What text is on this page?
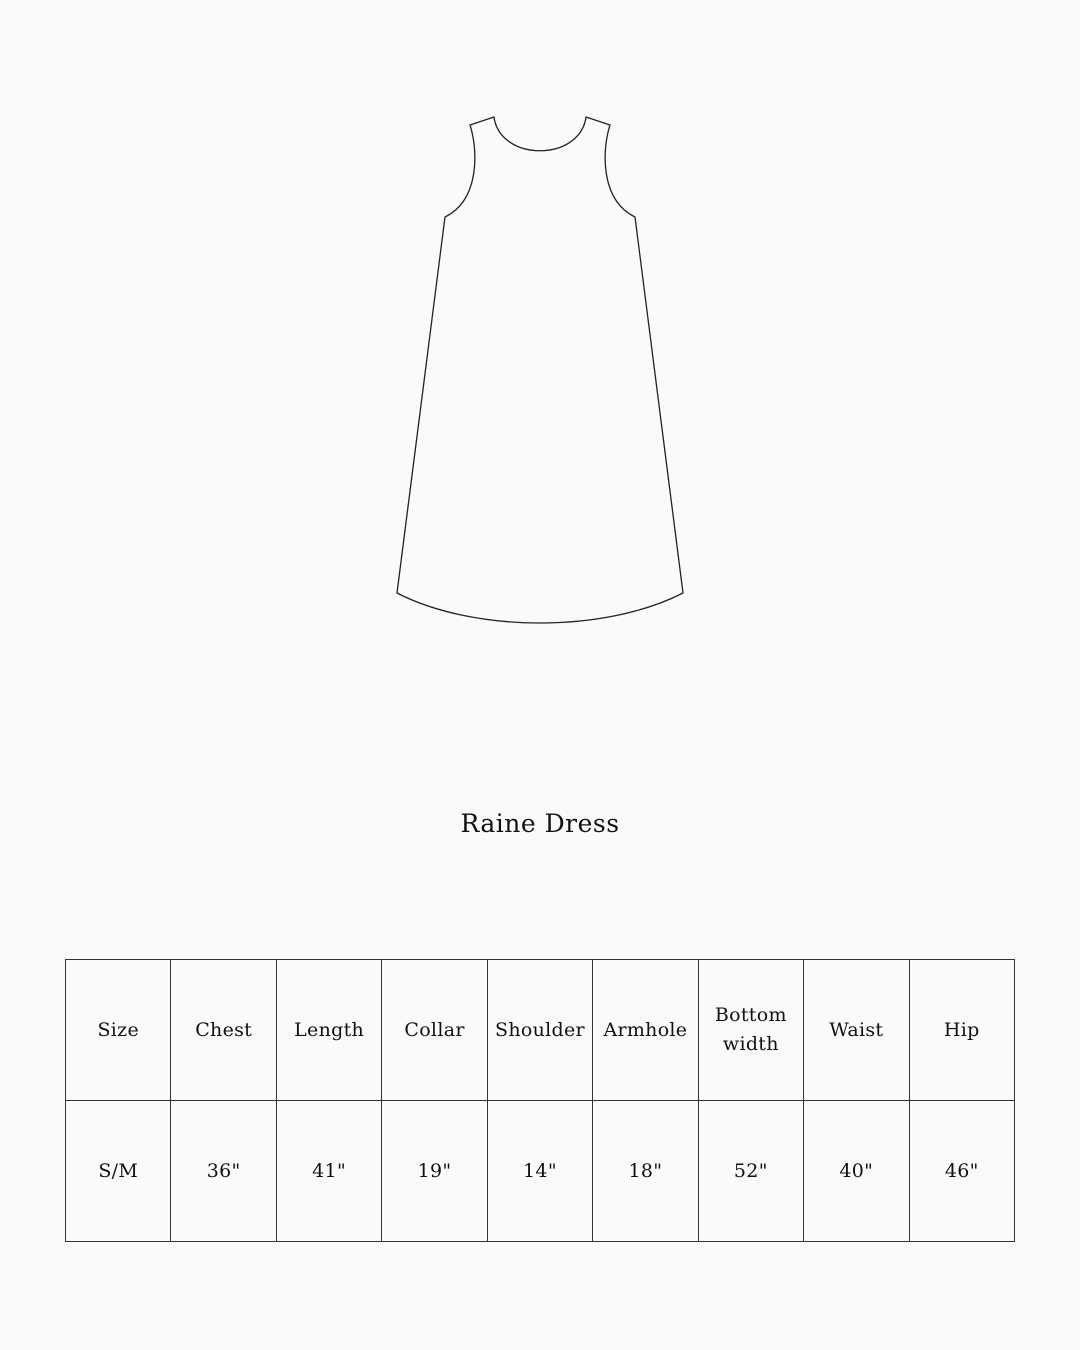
Raine Dress
Size	Chest	Length	Collar	Shoulder	Armhole	Bottom width	Waist	Hip
S/M	36"	41"	19"	14"	18"	52"	40"	46"
